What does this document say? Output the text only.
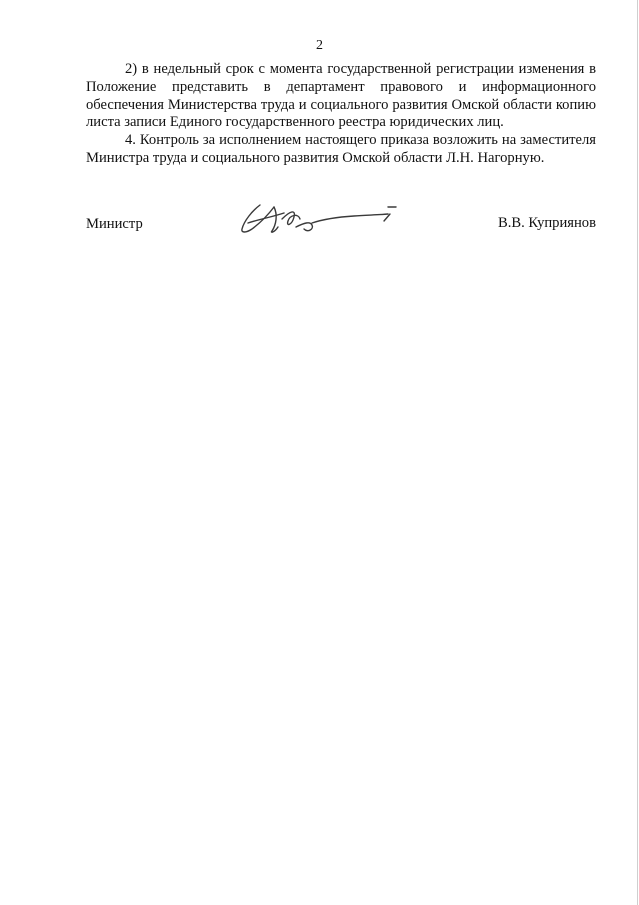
2

2) в недельный срок с момента государственной регистрации изменения в Положение представить в департамент правового и информационного обеспечения Министерства труда и социального развития Омской области копию листа записи Единого государственного реестра юридических лиц.

4. Контроль за исполнением настоящего приказа возложить на заместителя Министра труда и социального развития Омской области Л.Н. Нагорную.

Министр	В.В. Куприянов
